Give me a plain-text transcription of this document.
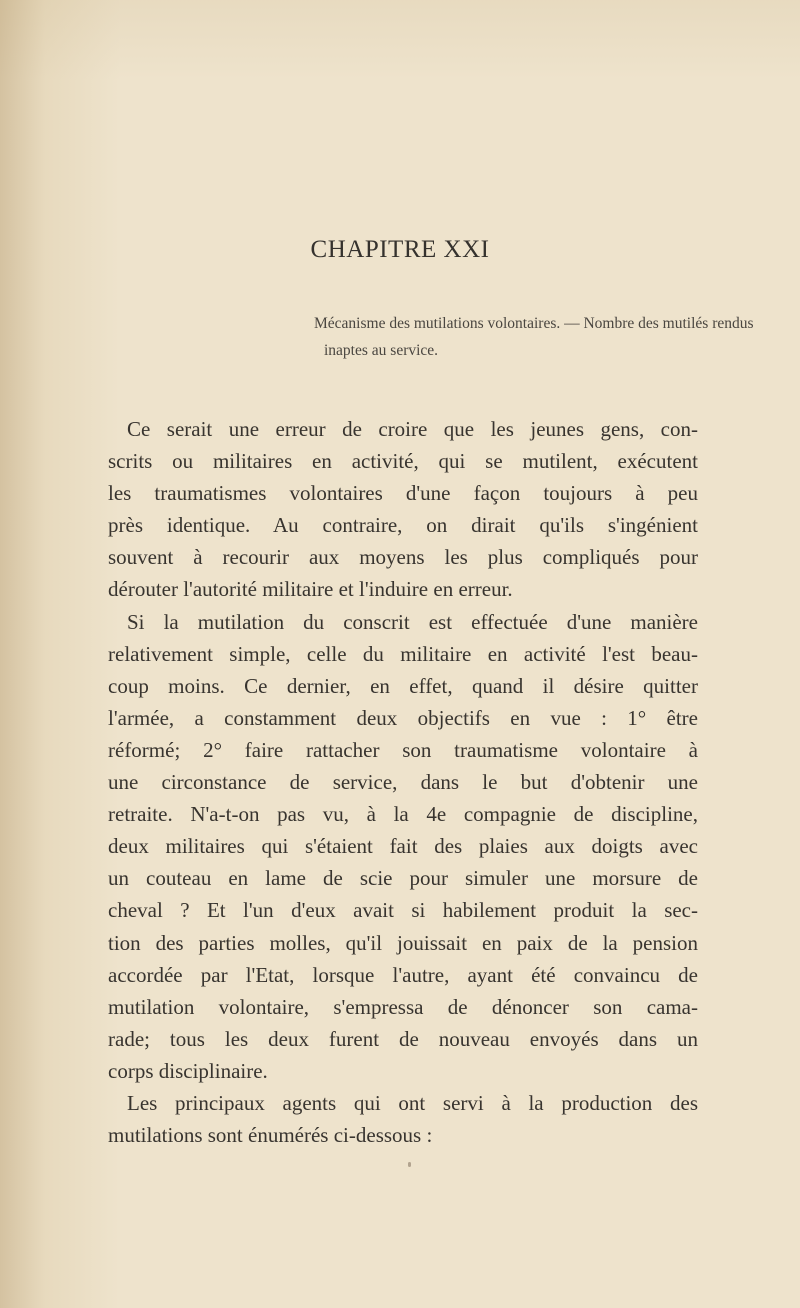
CHAPITRE XXI

Mécanisme des mutilations volontaires. — Nombre des mutilés rendus
inaptes au service.

Ce serait une erreur de croire que les jeunes gens, con-
scrits ou militaires en activité, qui se mutilent, exécutent
les traumatismes volontaires d'une façon toujours à peu
près identique. Au contraire, on dirait qu'ils s'ingénient
souvent à recourir aux moyens les plus compliqués pour
dérouter l'autorité militaire et l'induire en erreur.
Si la mutilation du conscrit est effectuée d'une manière
relativement simple, celle du militaire en activité l'est beau-
coup moins. Ce dernier, en effet, quand il désire quitter
l'armée, a constamment deux objectifs en vue : 1° être
réformé; 2° faire rattacher son traumatisme volontaire à
une circonstance de service, dans le but d'obtenir une
retraite. N'a-t-on pas vu, à la 4e compagnie de discipline,
deux militaires qui s'étaient fait des plaies aux doigts avec
un couteau en lame de scie pour simuler une morsure de
cheval ? Et l'un d'eux avait si habilement produit la sec-
tion des parties molles, qu'il jouissait en paix de la pension
accordée par l'Etat, lorsque l'autre, ayant été convaincu de
mutilation volontaire, s'empressa de dénoncer son cama-
rade; tous les deux furent de nouveau envoyés dans un
corps disciplinaire.
Les principaux agents qui ont servi à la production des
mutilations sont énumérés ci-dessous :
